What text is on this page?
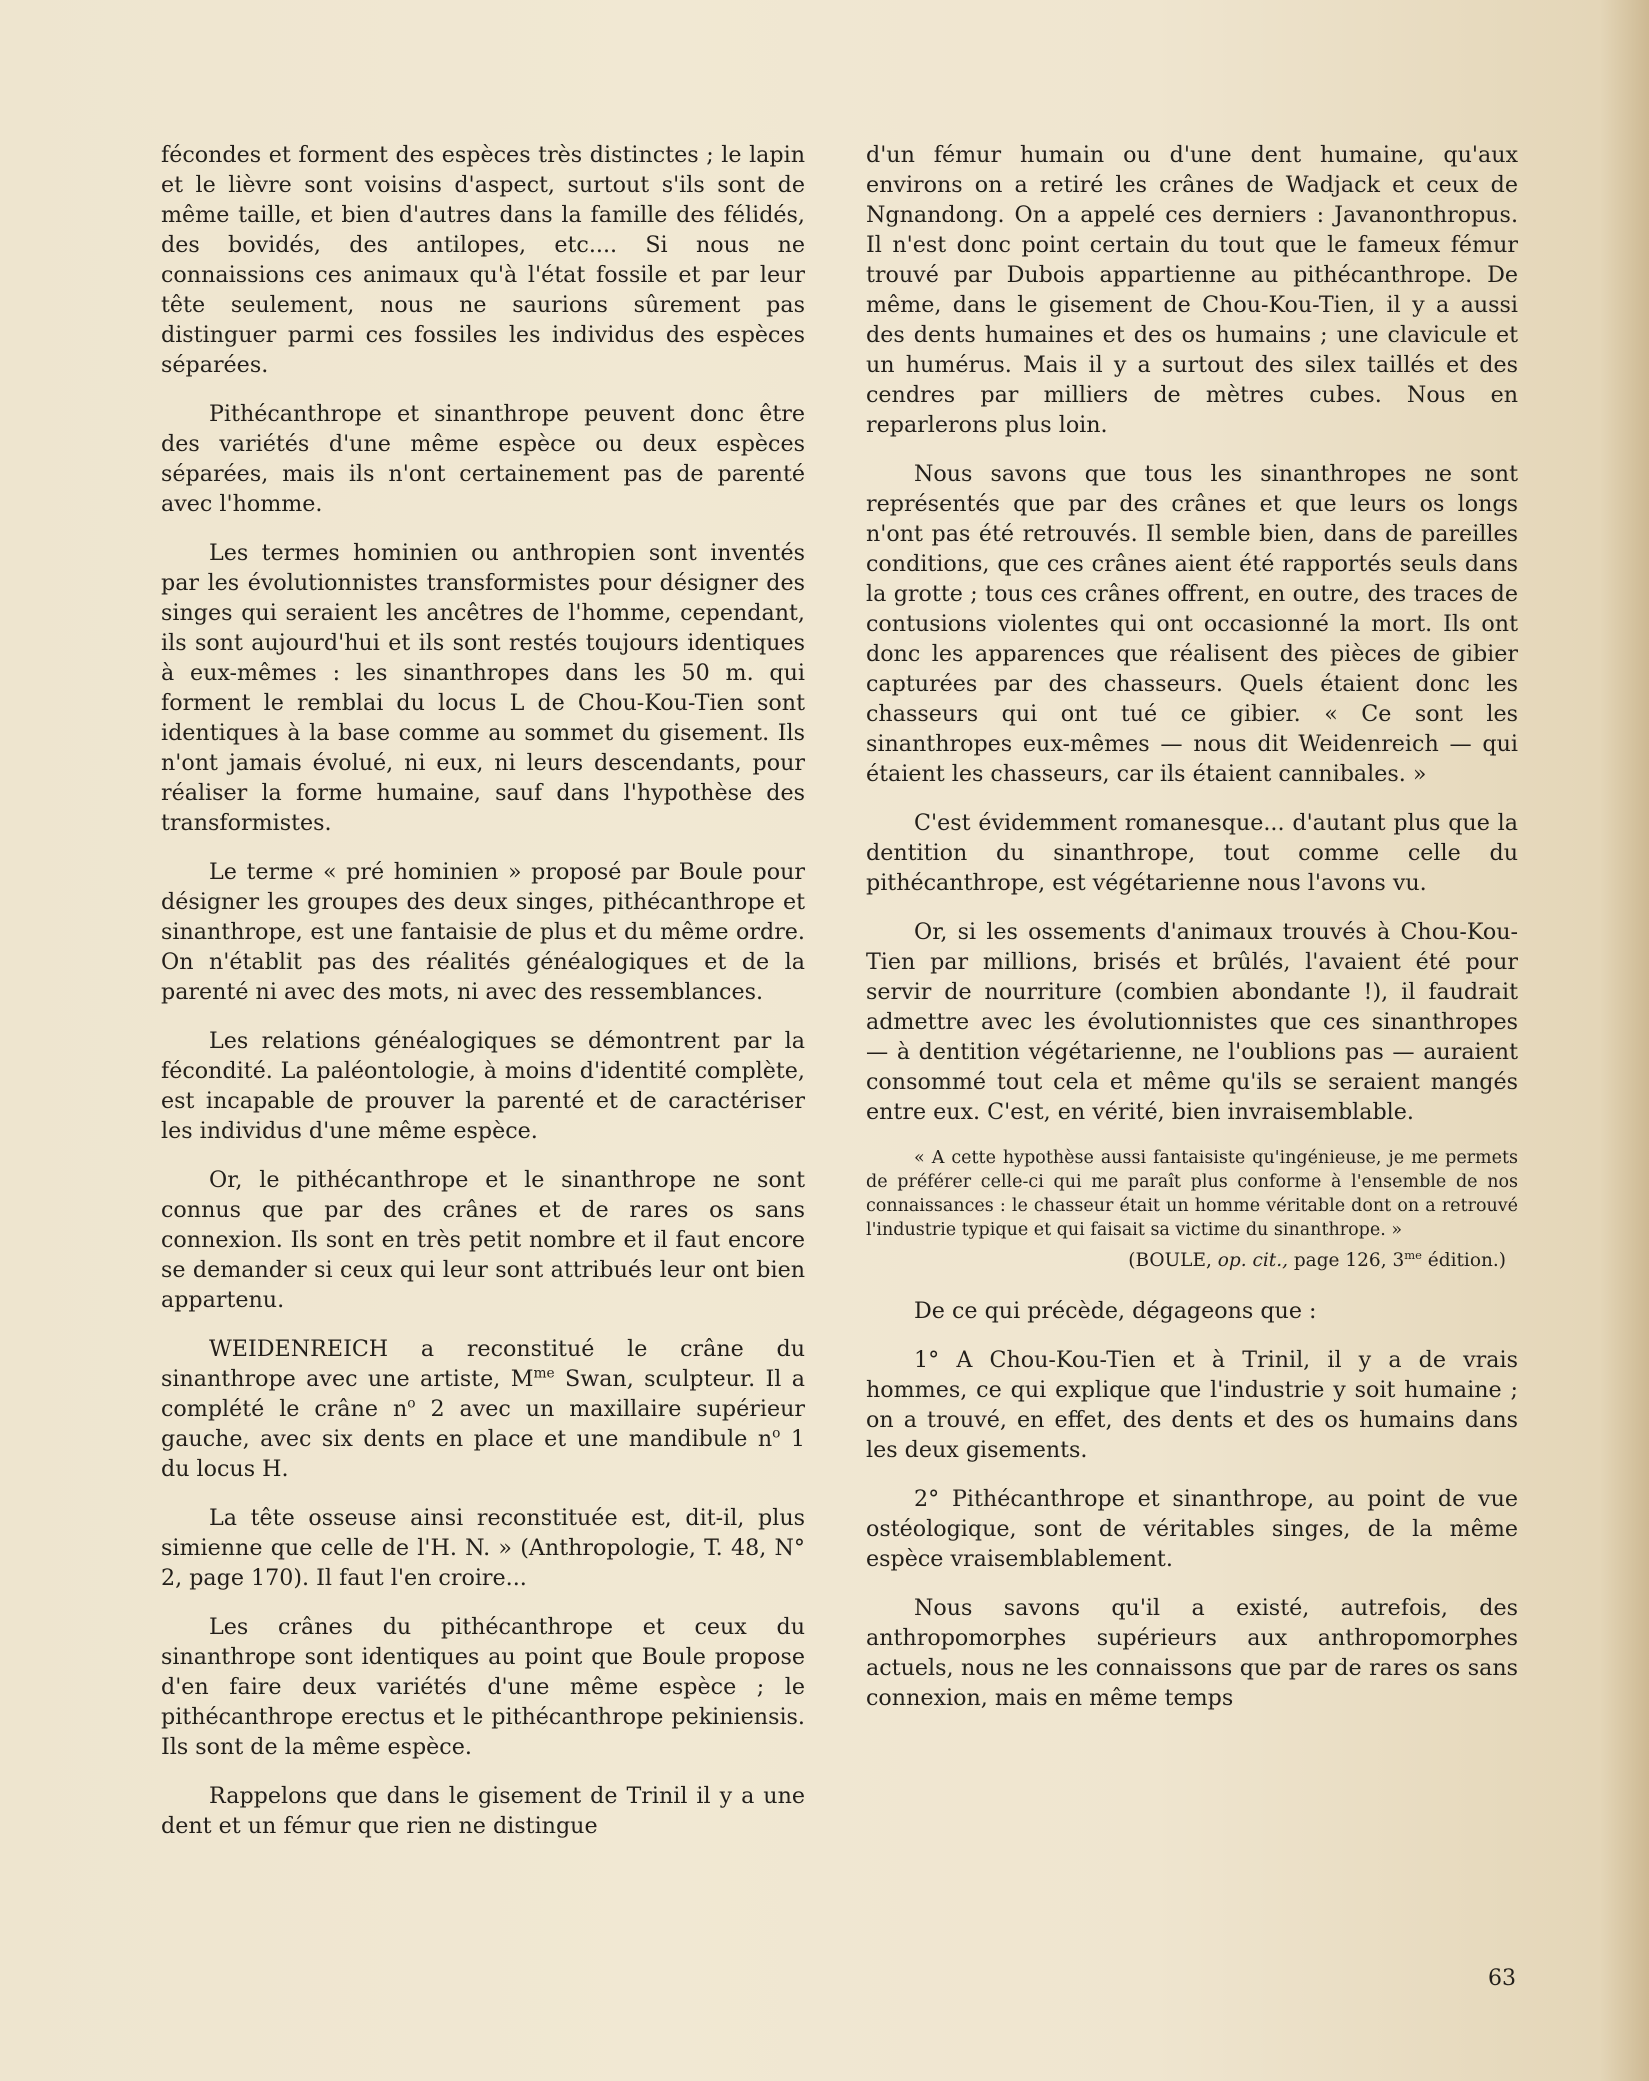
fécondes et forment des espèces très distinctes ; le lapin et le lièvre sont voisins d'aspect, surtout s'ils sont de même taille, et bien d'autres dans la famille des félidés, des bovidés, des antilopes, etc.... Si nous ne connaissions ces animaux qu'à l'état fossile et par leur tête seulement, nous ne saurions sûrement pas distinguer parmi ces fossiles les individus des espèces séparées.

Pithécanthrope et sinanthrope peuvent donc être des variétés d'une même espèce ou deux espèces séparées, mais ils n'ont certainement pas de parenté avec l'homme.

Les termes hominien ou anthropien sont inventés par les évolutionnistes transformistes pour désigner des singes qui seraient les ancêtres de l'homme, cependant, ils sont aujourd'hui et ils sont restés toujours identiques à eux-mêmes : les sinanthropes dans les 50 m. qui forment le remblai du locus L de Chou-Kou-Tien sont identiques à la base comme au sommet du gisement. Ils n'ont jamais évolué, ni eux, ni leurs descendants, pour réaliser la forme humaine, sauf dans l'hypothèse des transformistes.

Le terme « pré hominien » proposé par Boule pour désigner les groupes des deux singes, pithécanthrope et sinanthrope, est une fantaisie de plus et du même ordre. On n'établit pas des réalités généalogiques et de la parenté ni avec des mots, ni avec des ressemblances.

Les relations généalogiques se démontrent par la fécondité. La paléontologie, à moins d'identité complète, est incapable de prouver la parenté et de caractériser les individus d'une même espèce.

Or, le pithécanthrope et le sinanthrope ne sont connus que par des crânes et de rares os sans connexion. Ils sont en très petit nombre et il faut encore se demander si ceux qui leur sont attribués leur ont bien appartenu.

WEIDENREICH a reconstitué le crâne du sinanthrope avec une artiste, $M^{me}$ Swan, sculpteur. Il a complété le crâne $n^o$ 2 avec un maxillaire supérieur gauche, avec six dents en place et une mandibule $n^o$ 1 du locus H.

La tête osseuse ainsi reconstituée est, dit-il, plus simienne que celle de l'H. N. » (Anthropologie, T. 48, N° 2, page 170). Il faut l'en croire...

Les crânes du pithécanthrope et ceux du sinanthrope sont identiques au point que Boule propose d'en faire deux variétés d'une même espèce ; le pithécanthrope erectus et le pithécanthrope pekiniensis. Ils sont de la même espèce.

Rappelons que dans le gisement de Trinil il y a une dent et un fémur que rien ne distingue

d'un fémur humain ou d'une dent humaine, qu'aux environs on a retiré les crânes de Wadjack et ceux de Ngnandong. On a appelé ces derniers : Javanonthropus. Il n'est donc point certain du tout que le fameux fémur trouvé par Dubois appartienne au pithécanthrope. De même, dans le gisement de Chou-Kou-Tien, il y a aussi des dents humaines et des os humains ; une clavicule et un humérus. Mais il y a surtout des silex taillés et des cendres par milliers de mètres cubes. Nous en reparlerons plus loin.

Nous savons que tous les sinanthropes ne sont représentés que par des crânes et que leurs os longs n'ont pas été retrouvés. Il semble bien, dans de pareilles conditions, que ces crânes aient été rapportés seuls dans la grotte ; tous ces crânes offrent, en outre, des traces de contusions violentes qui ont occasionné la mort. Ils ont donc les apparences que réalisent des pièces de gibier capturées par des chasseurs. Quels étaient donc les chasseurs qui ont tué ce gibier. « Ce sont les sinanthropes eux-mêmes — nous dit Weidenreich — qui étaient les chasseurs, car ils étaient cannibales. »

C'est évidemment romanesque... d'autant plus que la dentition du sinanthrope, tout comme celle du pithécanthrope, est végétarienne nous l'avons vu.

Or, si les ossements d'animaux trouvés à Chou-Kou-Tien par millions, brisés et brûlés, l'avaient été pour servir de nourriture (combien abondante !), il faudrait admettre avec les évolutionnistes que ces sinanthropes — à dentition végétarienne, ne l'oublions pas — auraient consommé tout cela et même qu'ils se seraient mangés entre eux. C'est, en vérité, bien invraisemblable.

« A cette hypothèse aussi fantaisiste qu'ingénieuse, je me permets de préférer celle-ci qui me paraît plus conforme à l'ensemble de nos connaissances : le chasseur était un homme véritable dont on a retrouvé l'industrie typique et qui faisait sa victime du sinanthrope. »
(BOULE, op. cit., page 126, $3^{me}$ édition.)

De ce qui précède, dégageons que :

1° A Chou-Kou-Tien et à Trinil, il y a de vrais hommes, ce qui explique que l'industrie y soit humaine ; on a trouvé, en effet, des dents et des os humains dans les deux gisements.

2° Pithécanthrope et sinanthrope, au point de vue ostéologique, sont de véritables singes, de la même espèce vraisemblablement.

Nous savons qu'il a existé, autrefois, des anthropomorphes supérieurs aux anthropomorphes actuels, nous ne les connaissons que par de rares os sans connexion, mais en même temps

63
